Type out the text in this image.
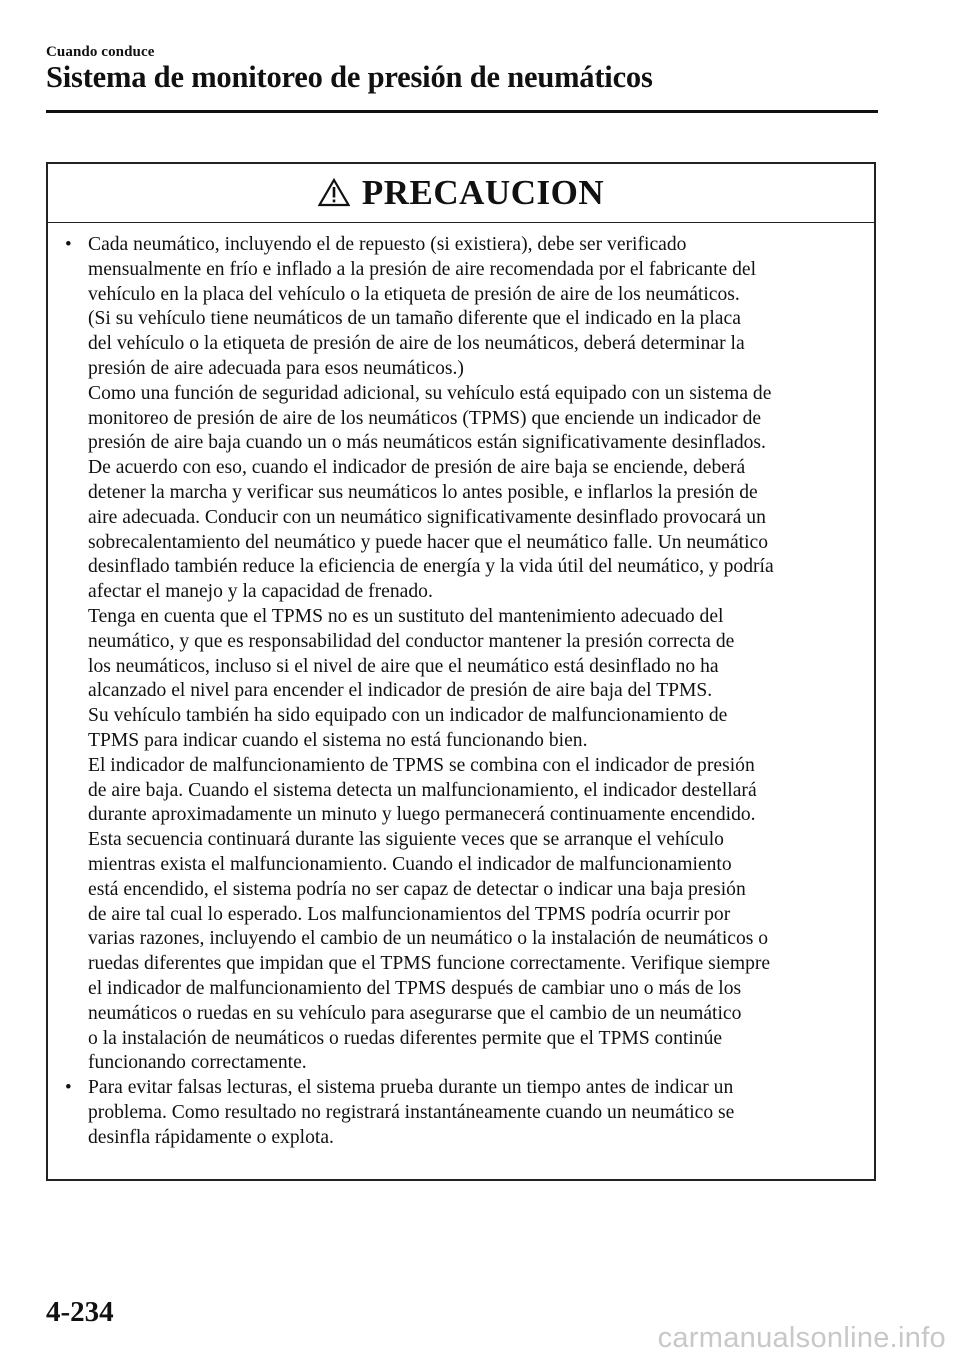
Cuando conduce
Sistema de monitoreo de presión de neumáticos
PRECAUCION
• Cada neumático, incluyendo el de repuesto (si existiera), debe ser verificado
mensualmente en frío e inflado a la presión de aire recomendada por el fabricante del
vehículo en la placa del vehículo o la etiqueta de presión de aire de los neumáticos.
(Si su vehículo tiene neumáticos de un tamaño diferente que el indicado en la placa
del vehículo o la etiqueta de presión de aire de los neumáticos, deberá determinar la
presión de aire adecuada para esos neumáticos.)
Como una función de seguridad adicional, su vehículo está equipado con un sistema de
monitoreo de presión de aire de los neumáticos (TPMS) que enciende un indicador de
presión de aire baja cuando un o más neumáticos están significativamente desinflados.
De acuerdo con eso, cuando el indicador de presión de aire baja se enciende, deberá
detener la marcha y verificar sus neumáticos lo antes posible, e inflarlos la presión de
aire adecuada. Conducir con un neumático significativamente desinflado provocará un
sobrecalentamiento del neumático y puede hacer que el neumático falle. Un neumático
desinflado también reduce la eficiencia de energía y la vida útil del neumático, y podría
afectar el manejo y la capacidad de frenado.
Tenga en cuenta que el TPMS no es un sustituto del mantenimiento adecuado del
neumático, y que es responsabilidad del conductor mantener la presión correcta de
los neumáticos, incluso si el nivel de aire que el neumático está desinflado no ha
alcanzado el nivel para encender el indicador de presión de aire baja del TPMS.
Su vehículo también ha sido equipado con un indicador de malfuncionamiento de
TPMS para indicar cuando el sistema no está funcionando bien.
El indicador de malfuncionamiento de TPMS se combina con el indicador de presión
de aire baja. Cuando el sistema detecta un malfuncionamiento, el indicador destellará
durante aproximadamente un minuto y luego permanecerá continuamente encendido.
Esta secuencia continuará durante las siguiente veces que se arranque el vehículo
mientras exista el malfuncionamiento. Cuando el indicador de malfuncionamiento
está encendido, el sistema podría no ser capaz de detectar o indicar una baja presión
de aire tal cual lo esperado. Los malfuncionamientos del TPMS podría ocurrir por
varias razones, incluyendo el cambio de un neumático o la instalación de neumáticos o
ruedas diferentes que impidan que el TPMS funcione correctamente. Verifique siempre
el indicador de malfuncionamiento del TPMS después de cambiar uno o más de los
neumáticos o ruedas en su vehículo para asegurarse que el cambio de un neumático
o la instalación de neumáticos o ruedas diferentes permite que el TPMS continúe
funcionando correctamente.
• Para evitar falsas lecturas, el sistema prueba durante un tiempo antes de indicar un
problema. Como resultado no registrará instantáneamente cuando un neumático se
desinfla rápidamente o explota.
4-234
carmanualsonline.info
